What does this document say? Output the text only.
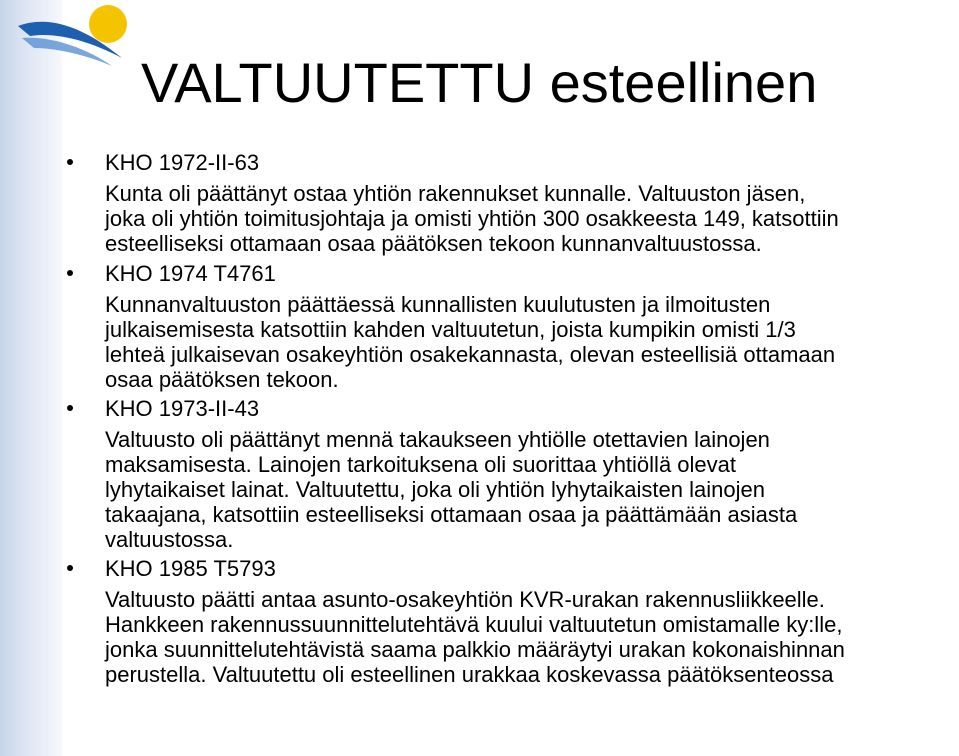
VALTUUTETTU esteellinen

KHO 1972-II-63

Kunta oli päättänyt ostaa yhtiön rakennukset kunnalle. Valtuuston jäsen,

joka oli yhtiön toimitusjohtaja ja omisti yhtiön 300 osakkeesta 149, katsottiin

esteelliseksi ottamaan osaa päätöksen tekoon kunnanvaltuustossa.

KHO 1974 T4761

Kunnanvaltuuston päättäessä kunnallisten kuulutusten ja ilmoitusten

julkaisemisesta katsottiin kahden valtuutetun, joista kumpikin omisti 1/3

lehteä julkaisevan osakeyhtiön osakekannasta, olevan esteellisiä ottamaan

osaa päätöksen tekoon.

KHO 1973-II-43

Valtuusto oli päättänyt mennä takaukseen yhtiölle otettavien lainojen

maksamisesta. Lainojen tarkoituksena oli suorittaa yhtiöllä olevat

lyhytaikaiset lainat. Valtuutettu, joka oli yhtiön lyhytaikaisten lainojen

takaajana, katsottiin esteelliseksi ottamaan osaa ja päättämään asiasta

valtuustossa.

KHO 1985 T5793

Valtuusto päätti antaa asunto-osakeyhtiön KVR-urakan rakennusliikkeelle.

Hankkeen rakennussuunnittelutehtävä kuului valtuutetun omistamalle ky:lle,

jonka suunnittelutehtävistä saama palkkio määräytyi urakan kokonaishinnan

perustella. Valtuutettu oli esteellinen urakkaa koskevassa päätöksenteossa
